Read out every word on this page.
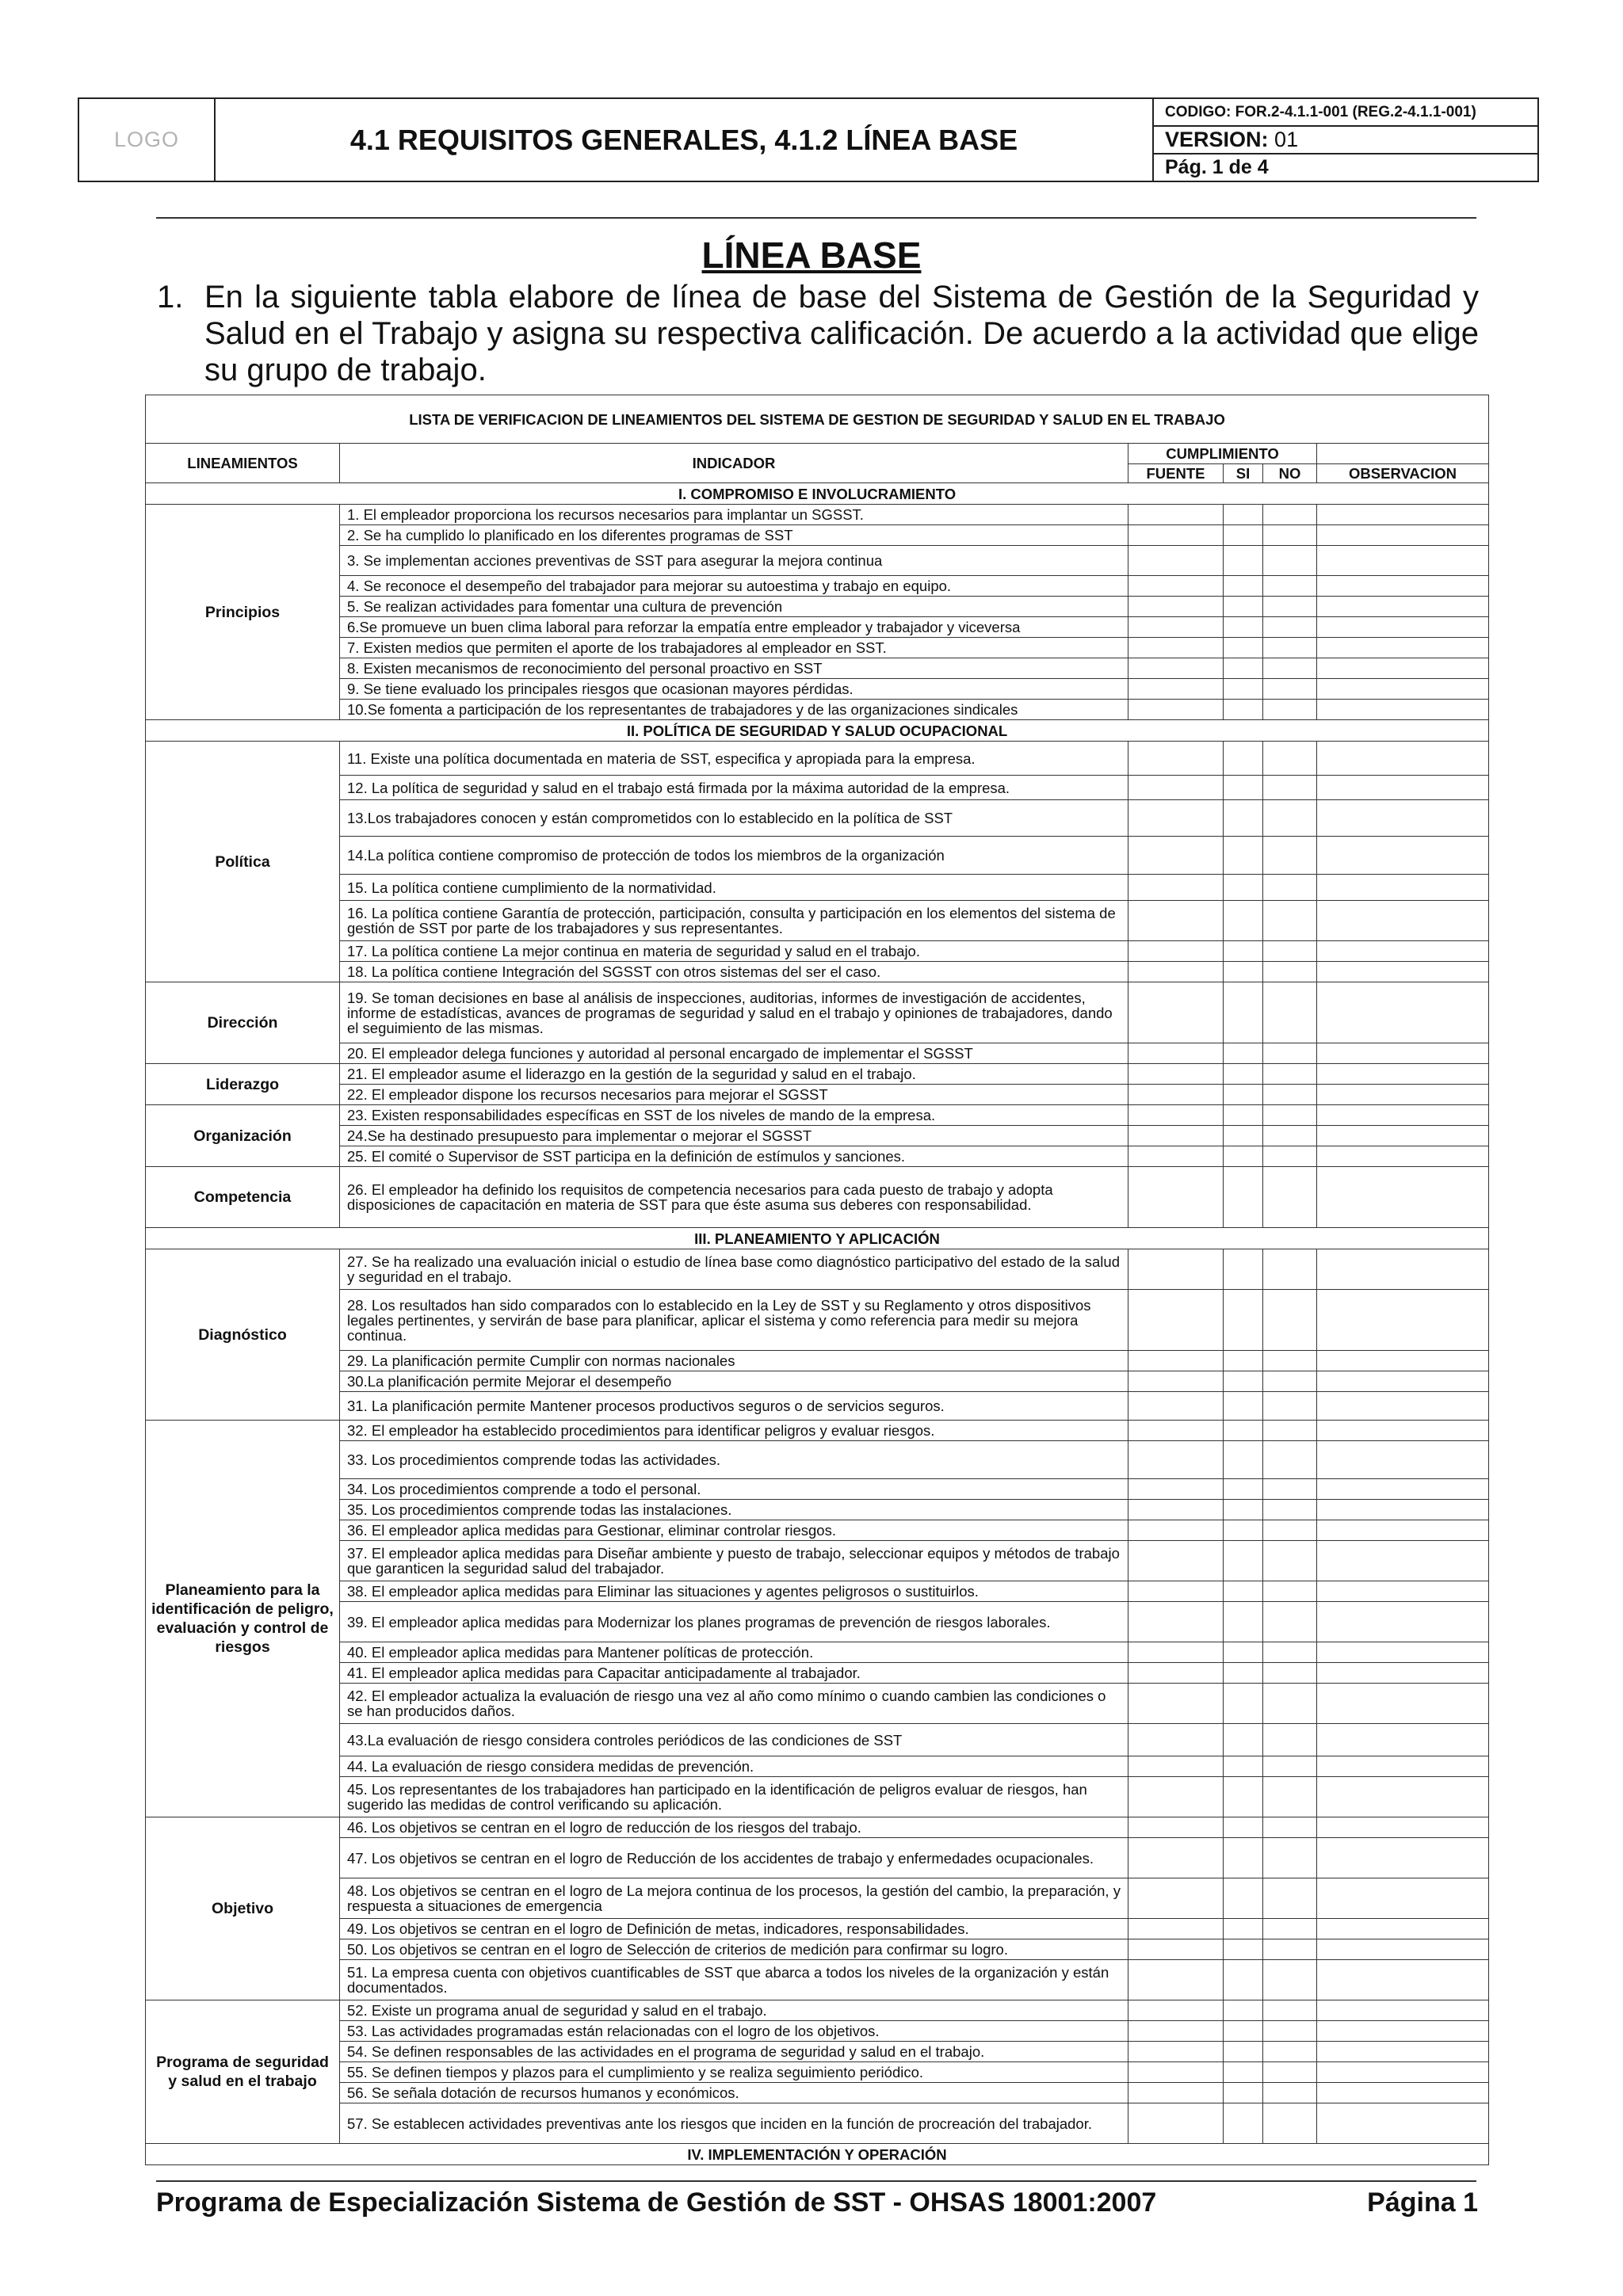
LOGO	4.1 REQUISITOS GENERALES, 4.1.2 LÍNEA BASE
CODIGO: FOR.2-4.1.1-001 (REG.2-4.1.1-001)
VERSION:
01
Pág. 1 de 4
LÍNEA BASE
1. En la siguiente tabla elabore de línea de base del Sistema de Gestión de la Seguridad y Salud en el Trabajo y asigna su respectiva calificación. De acuerdo a la actividad que elige su grupo de trabajo.
LISTA DE VERIFICACION DE LINEAMIENTOS DEL SISTEMA DE GESTION DE SEGURIDAD Y SALUD EN EL TRABAJO					
LINEAMIENTOS	INDICADOR	CUMPLIMIENTO			
		FUENTE	SI	NO	OBSERVACION
I. COMPROMISO E INVOLUCRAMIENTO					
Principios	1. El empleador proporciona los recursos necesarios para implantar un SGSST.				
	2. Se ha cumplido lo planificado en los diferentes programas de SST				
	3. Se implementan acciones preventivas de SST para asegurar la mejora continua				
	4. Se reconoce el desempeño del trabajador para mejorar su autoestima y trabajo en equipo.				
	5. Se realizan actividades para fomentar una cultura de prevención				
	6.Se promueve un buen clima laboral para reforzar la empatía entre empleador y trabajador y viceversa				
	7. Existen medios que permiten el aporte de los trabajadores al empleador en SST.				
	8. Existen mecanismos de reconocimiento del personal proactivo en SST				
	9. Se tiene evaluado los principales riesgos que ocasionan mayores pérdidas.				
	10.Se fomenta a participación de los representantes de trabajadores y de las organizaciones sindicales				
II. POLÍTICA DE SEGURIDAD Y SALUD OCUPACIONAL					
Política	11. Existe una política documentada en materia de SST, especifica y apropiada para la empresa.				
	12. La política de seguridad y salud en el trabajo está firmada por la máxima autoridad de la empresa.				
	13.Los trabajadores conocen y están comprometidos con lo establecido en la política de SST				
	14.La política contiene compromiso de protección de todos los miembros de la organización				
	15. La política contiene cumplimiento de la normatividad.				
	16. La política contiene Garantía de protección, participación, consulta y participación en los elementos del sistema de gestión de SST por parte de los trabajadores y sus representantes.				
	17. La política contiene La mejor continua en materia de seguridad y salud en el trabajo.				
	18. La política contiene Integración del SGSST con otros sistemas del ser el caso.				
Dirección	19. Se toman decisiones en base al análisis de inspecciones, auditorias, informes de investigación de accidentes, informe de estadísticas, avances de programas de seguridad y salud en el trabajo y opiniones de trabajadores, dando el seguimiento de las mismas.				
	20. El empleador delega funciones y autoridad al personal encargado de implementar el SGSST				
Liderazgo	21. El empleador asume el liderazgo en la gestión de la seguridad y salud en el trabajo.				
	22. El empleador dispone los recursos necesarios para mejorar el SGSST				
Organización	23. Existen responsabilidades específicas en SST de los niveles de mando de la empresa.				
	24.Se ha destinado presupuesto para implementar o mejorar el SGSST				
	25. El comité o Supervisor de SST participa en la definición de estímulos y sanciones.				
Competencia	26. El empleador ha definido los requisitos de competencia necesarios para cada puesto de trabajo y adopta disposiciones de capacitación en materia de SST para que éste asuma sus deberes con responsabilidad.				
III. PLANEAMIENTO Y APLICACIÓN					
Diagnóstico	27. Se ha realizado una evaluación inicial o estudio de línea base como diagnóstico participativo del estado de la salud y seguridad en el trabajo.				
	28. Los resultados han sido comparados con lo establecido en la Ley de SST y su Reglamento y otros dispositivos legales pertinentes, y servirán de base para planificar, aplicar el sistema y como referencia para medir su mejora continua.				
	29. La planificación permite Cumplir con normas nacionales				
	30.La planificación permite Mejorar el desempeño				
	31. La planificación permite Mantener procesos productivos seguros o de servicios seguros.				
Planeamiento para la identificación de peligro, evaluación y control de riesgos	32. El empleador ha establecido procedimientos para identificar peligros y evaluar riesgos.				
	33. Los procedimientos comprende todas las actividades.				
	34. Los procedimientos comprende a todo el personal.				
	35. Los procedimientos comprende todas las instalaciones.				
	36. El empleador aplica medidas para Gestionar, eliminar controlar riesgos.				
	37. El empleador aplica medidas para Diseñar ambiente y puesto de trabajo, seleccionar equipos y métodos de trabajo que garanticen la seguridad salud del trabajador.				
	38. El empleador aplica medidas para Eliminar las situaciones y agentes peligrosos o sustituirlos.				
	39. El empleador aplica medidas para Modernizar los planes programas de prevención de riesgos laborales.				
	40. El empleador aplica medidas para Mantener políticas de protección.				
	41. El empleador aplica medidas para Capacitar anticipadamente al trabajador.				
	42. El empleador actualiza la evaluación de riesgo una vez al año como mínimo o cuando cambien las condiciones o se han producidos daños.				
	43.La evaluación de riesgo considera controles periódicos de las condiciones de SST				
	44. La evaluación de riesgo considera medidas de prevención.				
	45. Los representantes de los trabajadores han participado en la identificación de peligros evaluar de riesgos, han sugerido las medidas de control verificando su aplicación.				
Objetivo	46. Los objetivos se centran en el logro de reducción de los riesgos del trabajo.				
	47. Los objetivos se centran en el logro de Reducción de los accidentes de trabajo y enfermedades ocupacionales.				
	48. Los objetivos se centran en el logro de La mejora continua de los procesos, la gestión del cambio, la preparación, y respuesta a situaciones de emergencia				
	49. Los objetivos se centran en el logro de Definición de metas, indicadores, responsabilidades.				
	50. Los objetivos se centran en el logro de Selección de criterios de medición para confirmar su logro.				
	51. La empresa cuenta con objetivos cuantificables de SST que abarca a todos los niveles de la organización y están documentados.				
Programa de seguridad y salud en el trabajo	52. Existe un programa anual de seguridad y salud en el trabajo.				
	53. Las actividades programadas están relacionadas con el logro de los objetivos.				
	54. Se definen responsables de las actividades en el programa de seguridad y salud en el trabajo.				
	55. Se definen tiempos y plazos para el cumplimiento y se realiza seguimiento periódico.				
	56. Se señala dotación de recursos humanos y económicos.				
	57. Se establecen actividades preventivas ante los riesgos que inciden en la función de procreación del trabajador.				
IV. IMPLEMENTACIÓN Y OPERACIÓN					
Programa de Especialización Sistema de Gestión de SST - OHSAS 18001:2007	Página 1
